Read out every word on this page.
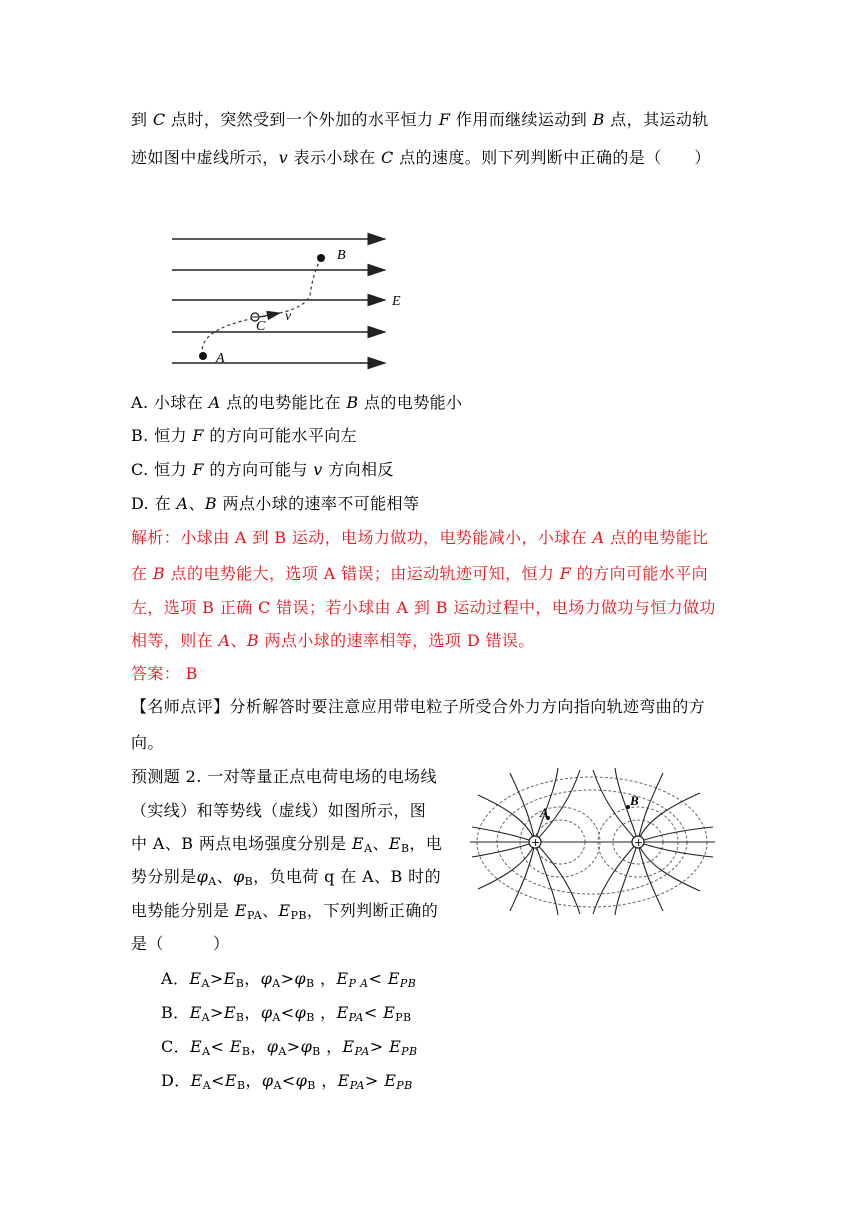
到 C 点时，突然受到一个外加的水平恒力 F 作用而继续运动到 B 点，其运动轨
迹如图中虚线所示，v 表示小球在 C 点的速度。则下列判断中正确的是（　　）
B
E
C
v
A
A. 小球在 A 点的电势能比在 B 点的电势能小
B. 恒力 F 的方向可能水平向左
C. 恒力 F 的方向可能与 v 方向相反
D. 在 A、B 两点小球的速率不可能相等
解析：小球由 A 到 B 运动，电场力做功，电势能减小，小球在 A 点的电势能比
在 B 点的电势能大，选项 A 错误；由运动轨迹可知，恒力 F 的方向可能水平向
左，选项 B 正确 C 错误；若小球由 A 到 B 运动过程中，电场力做功与恒力做功
相等，则在 A、B 两点小球的速率相等，选项 D 错误。
答案： B
【名师点评】分析解答时要注意应用带电粒子所受合外力方向指向轨迹弯曲的方
向。
预测题 2. 一对等量正点电荷电场的电场线
（实线）和等势线（虚线）如图所示，图
中 A、B 两点电场强度分别是 $E_A$、$E_B$，电
势分别是$\varphi_A$、$\varphi_B$，负电荷 q 在 A、B 时的
电势能分别是 $E_{PA}$、$E_{PB}$，下列判断正确的
是（　　　）
+	+
A
B
A．$E_A>E_B$，$\varphi_A>\varphi_B$ ，$E_{P A}< E_{PB}$
B．$E_A>E_B$，$\varphi_A<\varphi_B$ ，$E_{PA}< E_{PB}$
C．$E_A< E_B$，$\varphi_A>\varphi_B$ ，$E_{PA}> E_{PB}$
D．$E_A<E_B$，$\varphi_A<\varphi_B$ ，$E_{PA}> E_{PB}$
